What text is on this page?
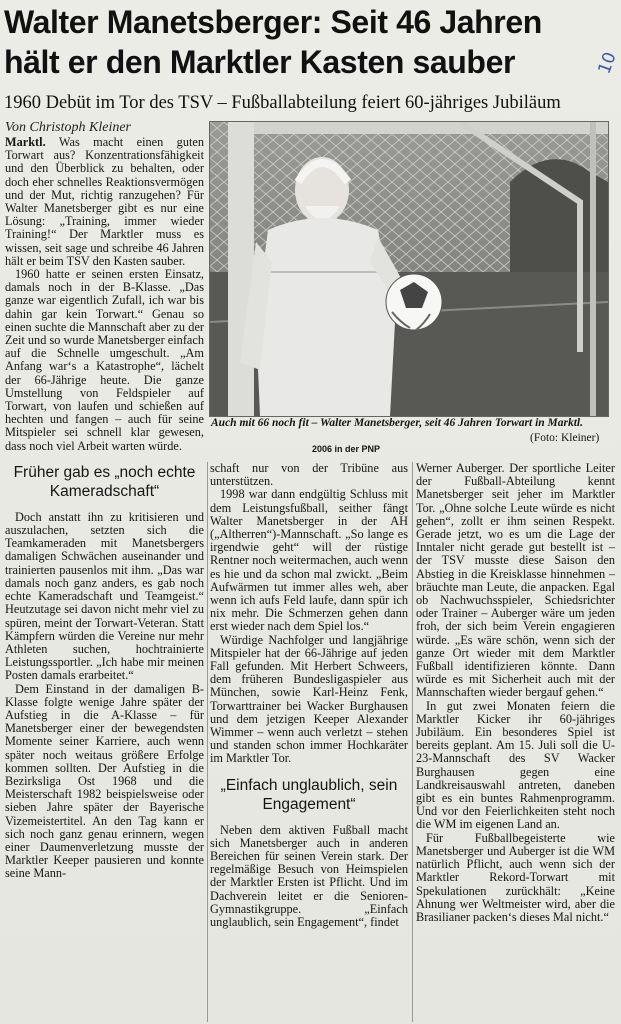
Walter Manetsberger: Seit 46 Jahren
hält er den Marktler Kasten sauber	10
1960 Debüt im Tor des TSV – Fußballabteilung feiert 60-jähriges Jubiläum
Von Christoph Kleiner
Auch mit 66 noch fit – Walter Manetsberger, seit 46 Jahren Torwart in Marktl.
(Foto: Kleiner)
2006 in der PNP

Marktl. Was macht einen guten Torwart aus? Konzentrationsfähigkeit und den Überblick zu behalten, oder doch eher schnelles Reaktionsvermögen und der Mut, richtig ranzugehen? Für Walter Manetsberger gibt es nur eine Lösung: „Training, immer wieder Training!“ Der Marktler muss es wissen, seit sage und schreibe 46 Jahren hält er beim TSV den Kasten sauber.

1960 hatte er seinen ersten Einsatz, damals noch in der B-Klasse. „Das ganze war eigentlich Zufall, ich war bis dahin gar kein Torwart.“ Genau so einen suchte die Mannschaft aber zu der Zeit und so wurde Manetsberger einfach auf die Schnelle umgeschult. „Am Anfang war‘s a Katastrophe“, lächelt der 66-Jährige heute. Die ganze Umstellung von Feldspieler auf Torwart, von laufen und schießen auf hechten und fangen – auch für seine Mitspieler sei schnell klar gewesen, dass noch viel Arbeit warten würde.

Früher gab es „noch echte Kameradschaft“

Doch anstatt ihn zu kritisieren und auszulachen, setzten sich die Teamkameraden mit Manetsbergers damaligen Schwächen auseinander und trainierten pausenlos mit ihm. „Das war damals noch ganz anders, es gab noch echte Kameradschaft und Teamgeist.“ Heutzutage sei davon nicht mehr viel zu spüren, meint der Torwart-Veteran. Statt Kämpfern würden die Vereine nur mehr Athleten suchen, hochtrainierte Leistungssportler. „Ich habe mir meinen Posten damals erarbeitet.“

Dem Einstand in der damaligen B-Klasse folgte wenige Jahre später der Aufstieg in die A-Klasse – für Manetsberger einer der bewegendsten Momente seiner Karriere, auch wenn später noch weitaus größere Erfolge kommen sollten. Der Aufstieg in die Bezirksliga Ost 1968 und die Meisterschaft 1982 beispielsweise oder sieben Jahre später der Bayerische Vizemeistertitel. An den Tag kann er sich noch ganz genau erinnern, wegen einer Daumenverletzung musste der Marktler Keeper pausieren und konnte seine Mann-

schaft nur von der Tribüne aus unterstützen.

1998 war dann endgültig Schluss mit dem Leistungsfußball, seither fängt Walter Manetsberger in der AH („Altherren“)-Mannschaft. „So lange es irgendwie geht“ will der rüstige Rentner noch weitermachen, auch wenn es hie und da schon mal zwickt. „Beim Aufwärmen tut immer alles weh, aber wenn ich aufs Feld laufe, dann spür ich nix mehr. Die Schmerzen gehen dann erst wieder nach dem Spiel los.“

Würdige Nachfolger und langjährige Mitspieler hat der 66-Jährige auf jeden Fall gefunden. Mit Herbert Schweers, dem früheren Bundesligaspieler aus München, sowie Karl-Heinz Fenk, Torwarttrainer bei Wacker Burghausen und dem jetzigen Keeper Alexander Wimmer – wenn auch verletzt – stehen und standen schon immer Hochkaräter im Marktler Tor.

„Einfach unglaublich, sein Engagement“

Neben dem aktiven Fußball macht sich Manetsberger auch in anderen Bereichen für seinen Verein stark. Der regelmäßige Besuch von Heimspielen der Marktler Ersten ist Pflicht. Und im Dachverein leitet er die Senioren-Gymnastikgruppe. „Einfach unglaublich, sein Engagement“, findet

Werner Auberger. Der sportliche Leiter der Fußball-Abteilung kennt Manetsberger seit jeher im Marktler Tor. „Ohne solche Leute würde es nicht gehen“, zollt er ihm seinen Respekt. Gerade jetzt, wo es um die Lage der Inntaler nicht gerade gut bestellt ist – der TSV musste diese Saison den Abstieg in die Kreisklasse hinnehmen – bräuchte man Leute, die anpacken. Egal ob Nachwuchsspieler, Schiedsrichter oder Trainer – Auberger wäre um jeden froh, der sich beim Verein engagieren würde. „Es wäre schön, wenn sich der ganze Ort wieder mit dem Marktler Fußball identifizieren könnte. Dann würde es mit Sicherheit auch mit der Mannschaften wieder bergauf gehen.“

In gut zwei Monaten feiern die Marktler Kicker ihr 60-jähriges Jubiläum. Ein besonderes Spiel ist bereits geplant. Am 15. Juli soll die U-23-Mannschaft des SV Wacker Burghausen gegen eine Landkreisauswahl antreten, daneben gibt es ein buntes Rahmenprogramm. Und vor den Feierlichkeiten steht noch die WM im eigenen Land an.

Für Fußballbegeisterte wie Manetsberger und Auberger ist die WM natürlich Pflicht, auch wenn sich der Marktler Rekord-Torwart mit Spekulationen zurückhält: „Keine Ahnung wer Weltmeister wird, aber die Brasilianer packen‘s dieses Mal nicht.“
